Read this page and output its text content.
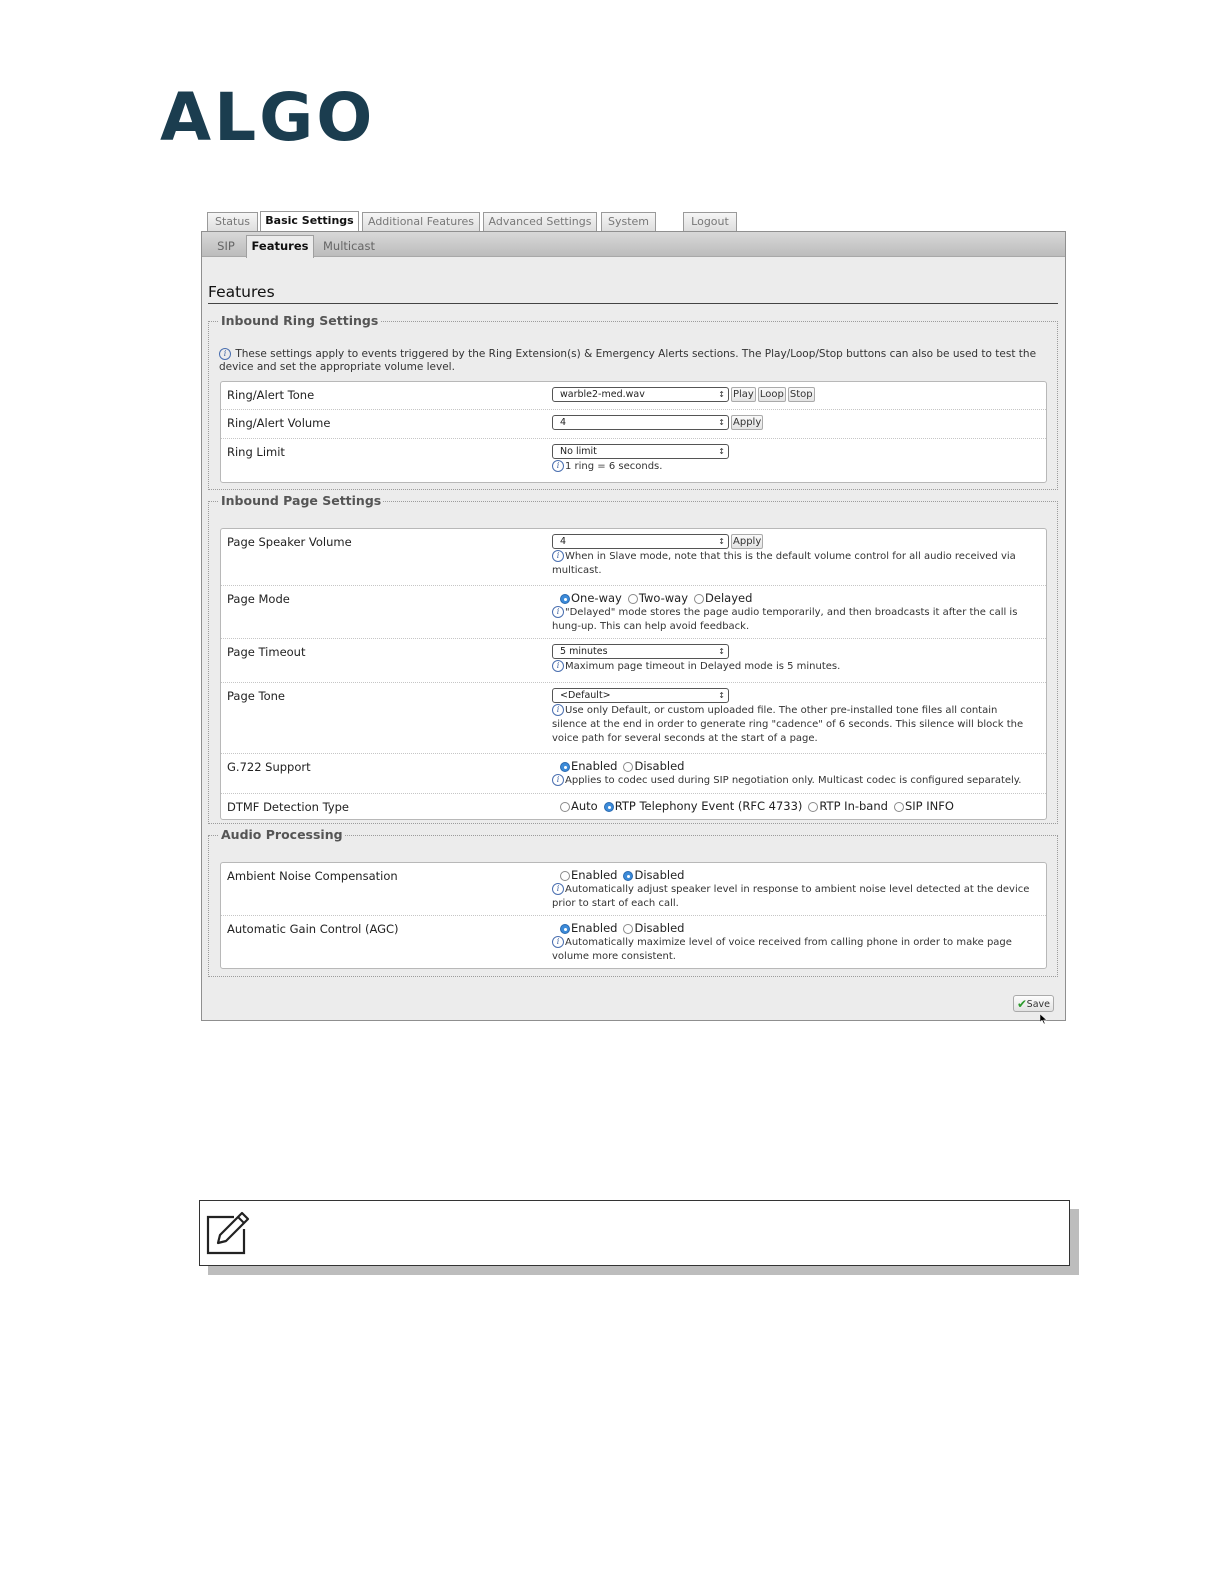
ALGO
Status	Basic Settings	Additional Features	Advanced Settings	System	Logout
SIP	Features	Multicast
Features
Inbound Ring Settings
i These settings apply to events triggered by the Ring Extension(s) & Emergency Alerts sections. The Play/Loop/Stop buttons can also be used to test the device and set the appropriate volume level.
Ring/Alert Tone	warble2-med.wav	↕ Play Loop Stop
Ring/Alert Volume	4	↕ Apply
Ring Limit	No limit	↕
i 1 ring = 6 seconds.
Inbound Page Settings
Page Speaker Volume	4	↕ Apply
i When in Slave mode, note that this is the default volume control for all audio received via multicast.
Page Mode	One-way Two-way Delayed
i "Delayed" mode stores the page audio temporarily, and then broadcasts it after the call is hung-up. This can help avoid feedback.
Page Timeout	5 minutes	↕
i Maximum page timeout in Delayed mode is 5 minutes.
Page Tone	<Default>	↕
i Use only Default, or custom uploaded file. The other pre-installed tone files all contain silence at the end in order to generate ring "cadence" of 6 seconds. This silence will block the voice path for several seconds at the start of a page.
G.722 Support	Enabled Disabled
i Applies to codec used during SIP negotiation only. Multicast codec is configured separately.
DTMF Detection Type	Auto RTP Telephony Event (RFC 4733) RTP In-band SIP INFO
Audio Processing
Ambient Noise Compensation	Enabled Disabled
i Automatically adjust speaker level in response to ambient noise level detected at the device prior to start of each call.
Automatic Gain Control (AGC)	Enabled Disabled
i Automatically maximize level of voice received from calling phone in order to make page volume more consistent.
✔ Save
